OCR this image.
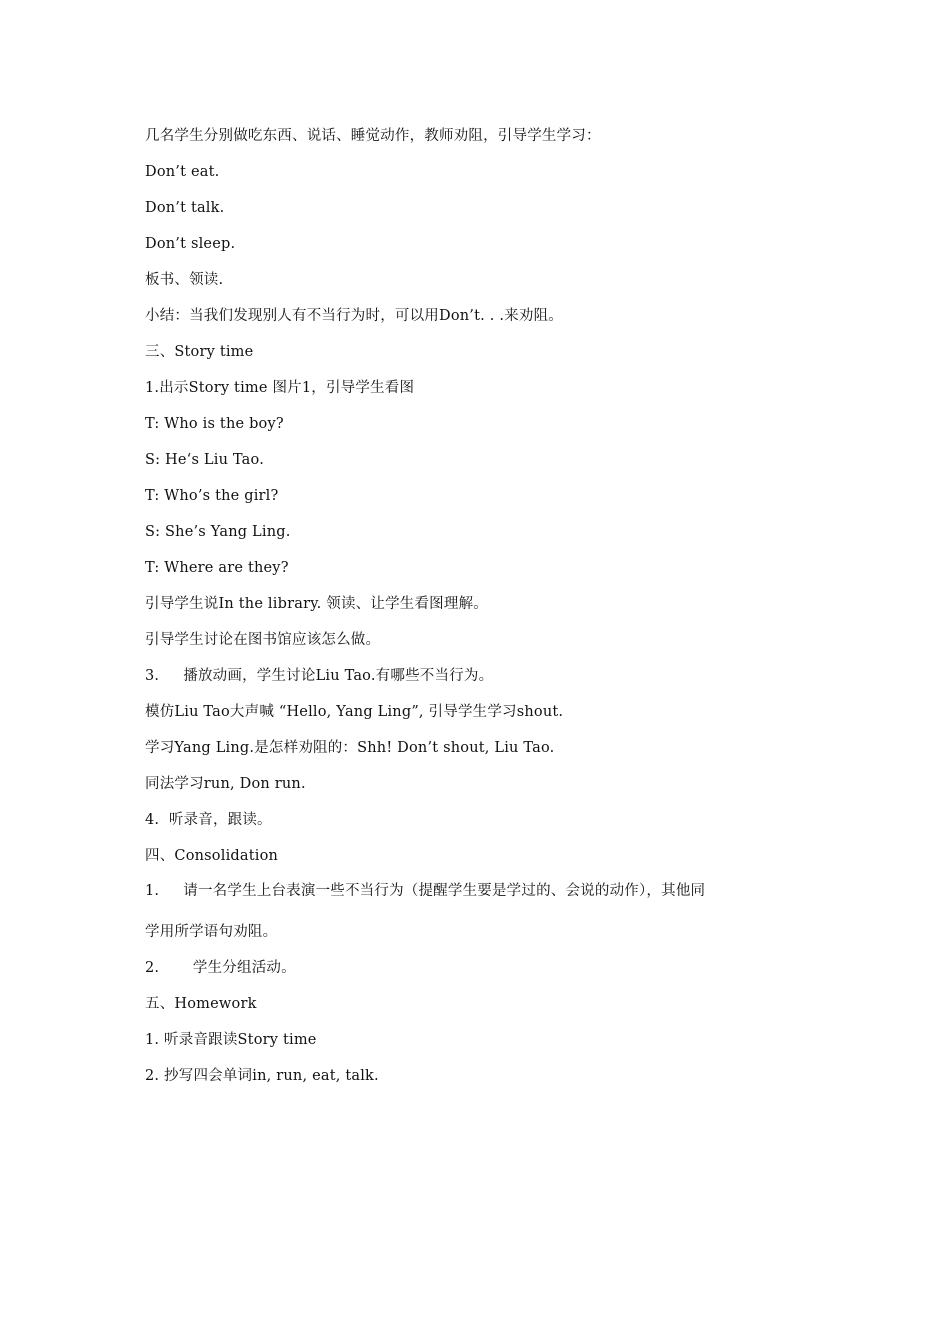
几名学生分别做吃东西、说话、睡觉动作，教师劝阻，引导学生学习：
Don’t eat.
Don’t talk.
Don’t sleep.
板书、领读.
小结：当我们发现别人有不当行为时，可以用Don’t. . .来劝阻。
三、Story time
1.出示Story time 图片1，引导学生看图
T: Who is the boy?
S: He‘s Liu Tao.
T: Who’s the girl?
S: She’s Yang Ling.
T: Where are they?
引导学生说In the library. 领读、让学生看图理解。
引导学生讨论在图书馆应该怎么做。
3.     播放动画，学生讨论Liu Tao.有哪些不当行为。
模仿Liu Tao大声喊 “Hello, Yang Ling”, 引导学生学习shout.
学习Yang Ling.是怎样劝阻的：Shh! Don’t shout, Liu Tao.
同法学习run, Don run.
4.  听录音，跟读。
四、Consolidation
1.     请一名学生上台表演一些不当行为（提醒学生要是学过的、会说的动作），其他同
学用所学语句劝阻。
2.       学生分组活动。
五、Homework
1. 听录音跟读Story time
2. 抄写四会单词in, run, eat, talk.
